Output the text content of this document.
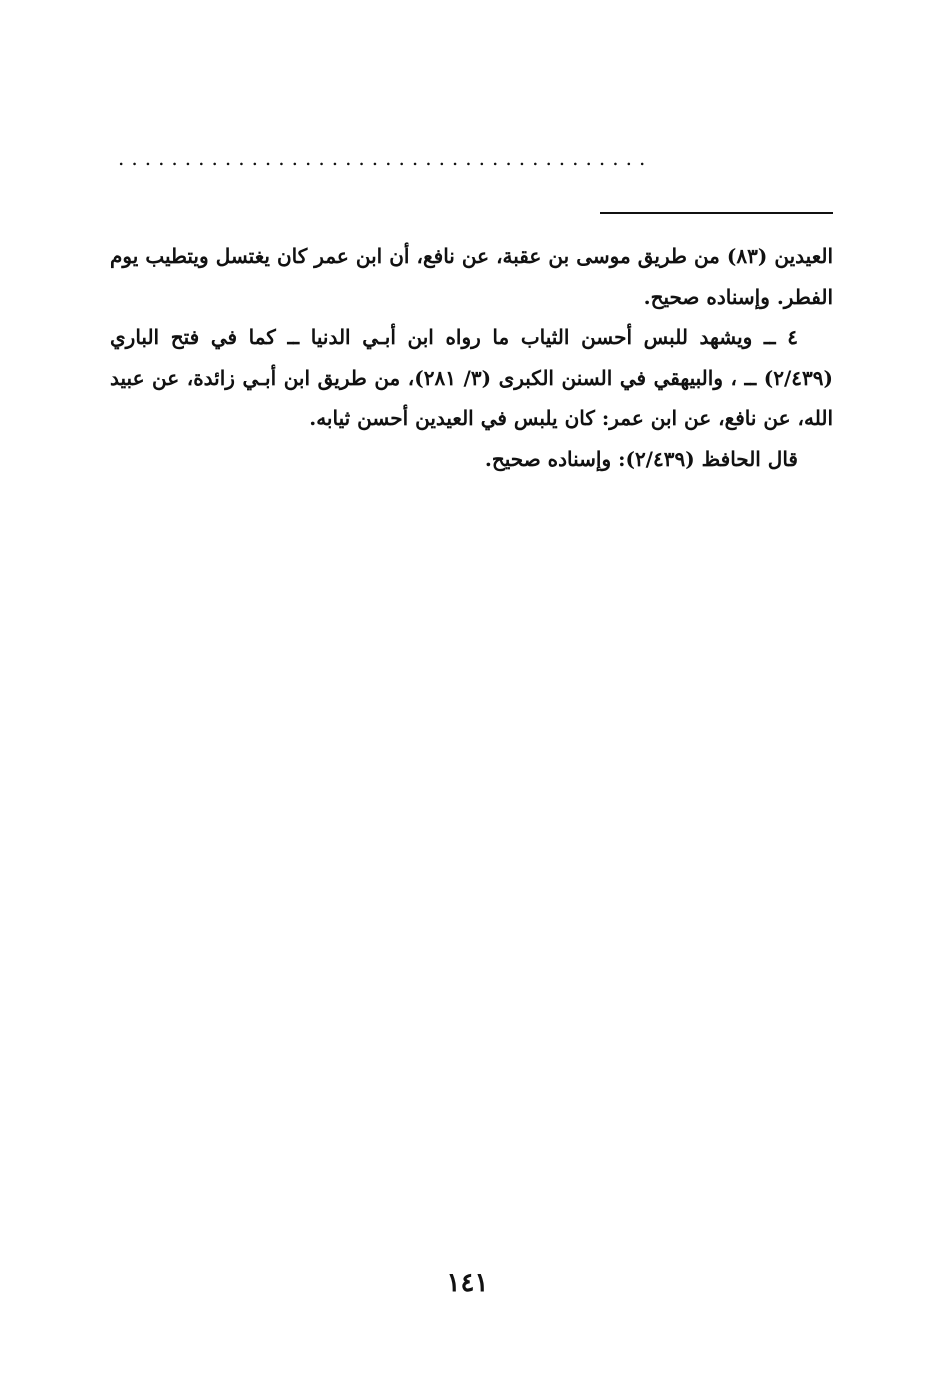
........................................

العيدين (٨٣) من طريق موسى بن عقبة، عن نافع، أن ابن عمر كان يغتسل ويتطيب يوم الفطر. وإسناده صحيح.

٤ ــ ويشهد للبس أحسن الثياب ما رواه ابن أبـي الدنيا ــ كما في فتح الباري (٢/٤٣٩) ــ ، والبيهقي في السنن الكبرى (٣/ ٢٨١)، من طريق ابن أبـي زائدة، عن عبيد الله، عن نافع، عن ابن عمر: كان يلبس في العيدين أحسن ثيابه.

قال الحافظ (٢/٤٣٩): وإسناده صحيح.

١٤١
